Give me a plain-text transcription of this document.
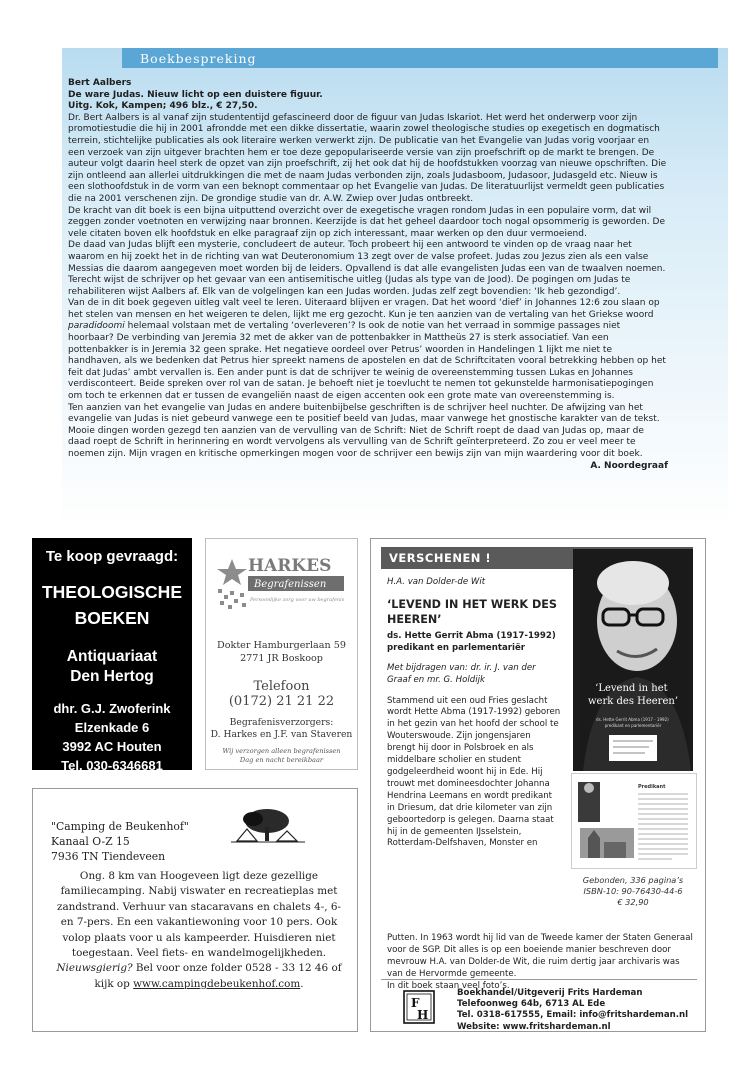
Boekbespreking

Bert Aalbers

De ware Judas. Nieuw licht op een duistere figuur.

Uitg. Kok, Kampen; 496 blz., € 27,50.

Dr. Bert Aalbers is al vanaf zijn studententijd gefascineerd door de figuur van Judas Iskariot. Het werd het onderwerp voor zijn promotiestudie die hij in 2001 afrondde met een dikke dissertatie, waarin zowel theologische studies op exegetisch en dogmatisch terrein, stichtelijke publicaties als ook literaire werken verwerkt zijn. De publicatie van het Evangelie van Judas vorig voorjaar en een verzoek van zijn uitgever brachten hem er toe deze gepopulariseerde versie van zijn proefschrift op de markt te brengen. De auteur volgt daarin heel sterk de opzet van zijn proefschrift, zij het ook dat hij de hoofdstukken voorzag van nieuwe opschriften. Die zijn ontleend aan allerlei uitdrukkingen die met de naam Judas verbonden zijn, zoals Judasboom, Judasoor, Judasgeld etc. Nieuw is een slothoofdstuk in de vorm van een beknopt commentaar op het Evangelie van Judas. De literatuurlijst vermeldt geen publicaties die na 2001 verschenen zijn. De grondige studie van dr. A.W. Zwiep over Judas ontbreekt.

De kracht van dit boek is een bijna uitputtend overzicht over de exegetische vragen rondom Judas in een populaire vorm, dat wil zeggen zonder voetnoten en verwijzing naar bronnen. Keerzijde is dat het geheel daardoor toch nogal opsommerig is geworden. De vele citaten boven elk hoofdstuk en elke paragraaf zijn op zich interessant, maar werken op den duur vermoeiend.

De daad van Judas blijft een mysterie, concludeert de auteur. Toch probeert hij een antwoord te vinden op de vraag naar het waarom en hij zoekt het in de richting van wat Deuteronomium 13 zegt over de valse profeet. Judas zou Jezus zien als een valse Messias die daarom aangegeven moet worden bij de leiders. Opvallend is dat alle evangelisten Judas een van de twaalven noemen. Terecht wijst de schrijver op het gevaar van een antisemitische uitleg (Judas als type van de Jood). De pogingen om Judas te rehabiliteren wijst Aalbers af. Elk van de volgelingen kan een Judas worden. Judas zelf zegt bovendien: ‘Ik heb gezondigd’.

Van de in dit boek gegeven uitleg valt veel te leren. Uiteraard blijven er vragen. Dat het woord ‘dief’ in Johannes 12:6 zou slaan op het stelen van mensen en het weigeren te delen, lijkt me erg gezocht. Kun je ten aanzien van de vertaling van het Griekse woord paradidoomi helemaal volstaan met de vertaling ‘overleveren’? Is ook de notie van het verraad in sommige passages niet hoorbaar? De verbinding van Jeremia 32 met de akker van de pottenbakker in Mattheüs 27 is sterk associatief. Van een pottenbakker is in Jeremia 32 geen sprake. Het negatieve oordeel over Petrus’ woorden in Handelingen 1 lijkt me niet te handhaven, als we bedenken dat Petrus hier spreekt namens de apostelen en dat de Schriftcitaten vooral betrekking hebben op het feit dat Judas’ ambt vervallen is. Een ander punt is dat de schrijver te weinig de overeenstemming tussen Lukas en Johannes verdisconteert. Beide spreken over rol van de satan. Je behoeft niet je toevlucht te nemen tot gekunstelde harmonisatiepogingen om toch te erkennen dat er tussen de evangeliën naast de eigen accenten ook een grote mate van overeenstemming is.

Ten aanzien van het evangelie van Judas en andere buitenbijbelse geschriften is de schrijver heel nuchter. De afwijzing van het evangelie van Judas is niet gebeurd vanwege een te positief beeld van Judas, maar vanwege het gnostische karakter van de tekst. Mooie dingen worden gezegd ten aanzien van de vervulling van de Schrift: Niet de Schrift roept de daad van Judas op, maar de daad roept de Schrift in herinnering en wordt vervolgens als vervulling van de Schrift geïnterpreteerd. Zo zou er veel meer te noemen zijn. Mijn vragen en kritische opmerkingen mogen voor de schrijver een bewijs zijn van mijn waardering voor dit boek.

A. Noordegraaf

Te koop gevraagd:
THEOLOGISCHE
BOEKEN
Antiquariaat
Den Hertog
dhr. G.J. Zwoferink
Elzenkade 6
3992 AC Houten
Tel. 030-6346681
HARKES
Begrafenissen
Persoonlijke zorg voor uw begrafenis
Dokter Hamburgerlaan 59
2771 JR Boskoop
Telefoon
(0172) 21 21 22
Begrafenisverzorgers:
D. Harkes en J.F. van Staveren
Wij verzorgen alleen begrafenissen
Dag en nacht bereikbaar
"Camping de Beukenhof"
Kanaal O-Z 15
7936 TN Tiendeveen
Ong. 8 km van Hoogeveen ligt deze gezellige familiecamping. Nabij viswater en recreatieplas met zandstrand. Verhuur van stacaravans en chalets 4-, 6- en 7-pers. En een vakantiewoning voor 10 pers. Ook volop plaats voor u als kampeerder. Huisdieren niet toegestaan. Veel fiets- en wandelmogelijkheden. Nieuwsgierig? Bel voor onze folder 0528 - 33 12 46 of kijk op www.campingdebeukenhof.com.
VERSCHENEN !
H.A. van Dolder-de Wit
‘LEVEND IN HET WERK DES HEEREN’
ds. Hette Gerrit Abma (1917-1992) predikant en parlementariër
Met bijdragen van: dr. ir. J. van der Graaf en mr. G. Holdijk
Stammend uit een oud Fries geslacht wordt Hette Abma (1917-1992) geboren in het gezin van het hoofd der school te Wouterswoude. Zijn jongensjaren brengt hij door in Polsbroek en als middelbare scholier en student godgeleerdheid woont hij in Ede. Hij trouwt met domineesdochter Johanna Hendrina Leemans en wordt predikant in Driesum, dat drie kilometer van zijn geboortedorp is gelegen. Daarna staat hij in de gemeenten IJsselstein, Rotterdam-Delfshaven, Monster en
‘Levend in het werk des Heeren’
ds. Hette Gerrit Abma (1917 - 1992) predikant en parlementariër
Predikant
Gebonden, 336 pagina’s
ISBN-10: 90-76430-44-6
€ 32,90
Putten. In 1963 wordt hij lid van de Tweede kamer der Staten Generaal voor de SGP. Dit alles is op een boeiende manier beschreven door mevrouw H.A. van Dolder-de Wit, die ruim dertig jaar archivaris was van de Hervormde gemeente.
In dit boek staan veel foto’s.
F
H
Boekhandel/Uitgeverij Frits Hardeman
Telefoonweg 64b, 6713 AL Ede
Tel. 0318-617555, Email: info@fritshardeman.nl
Website: www.fritshardeman.nl
